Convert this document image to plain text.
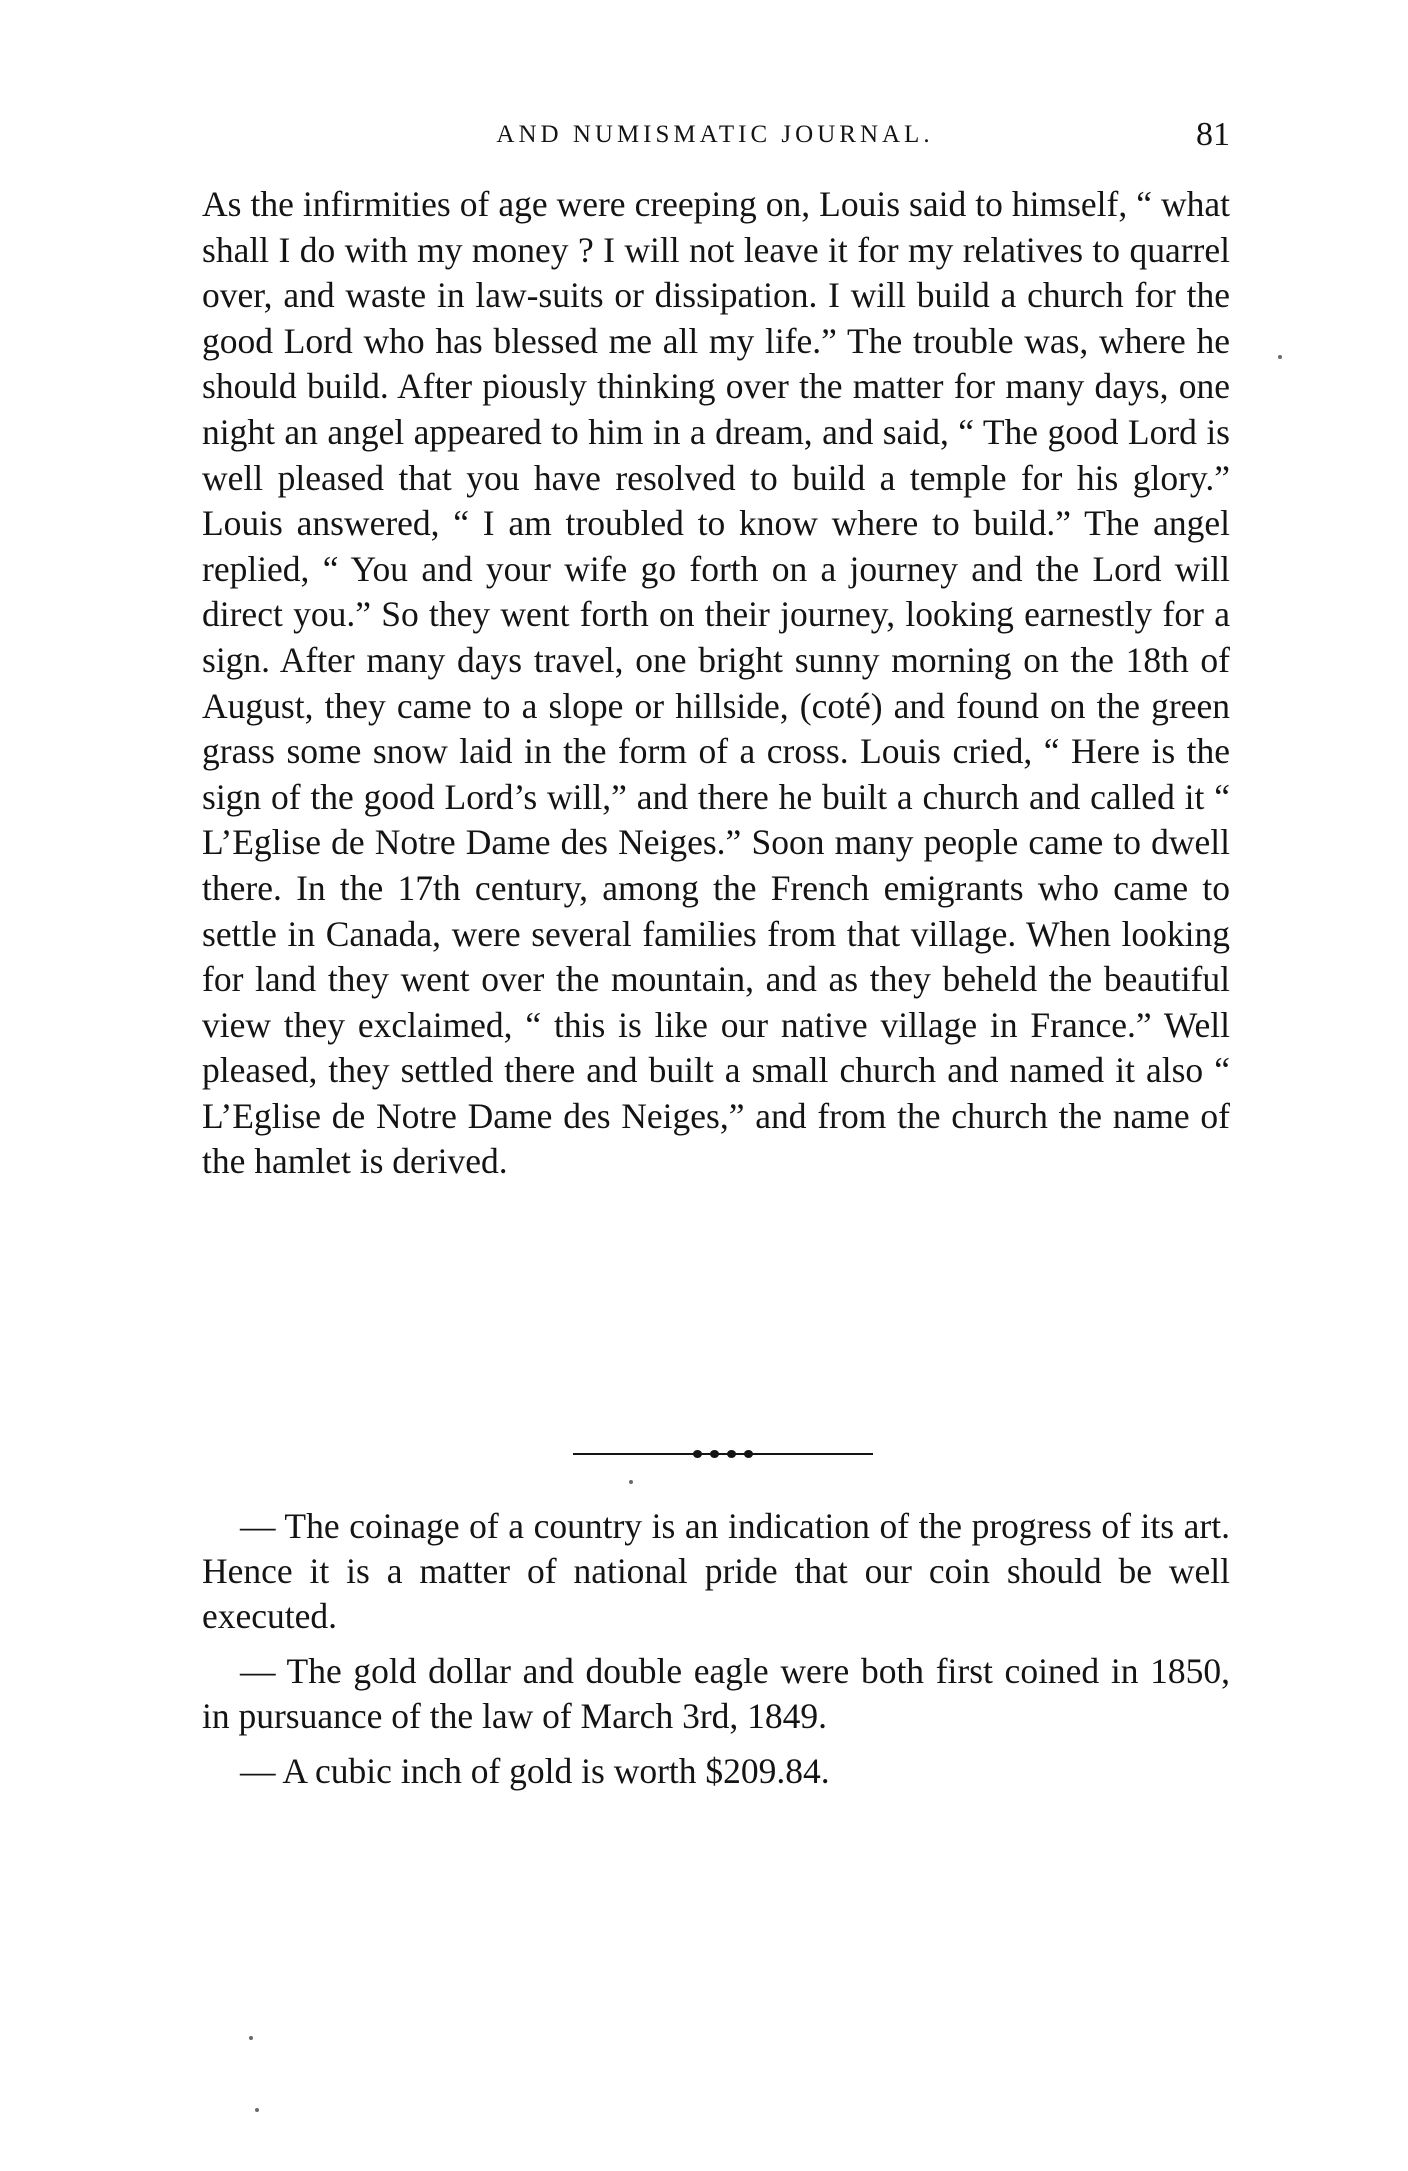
AND NUMISMATIC JOURNAL.	81

As the infirmities of age were creeping on, Louis said to himself, “ what shall I do with my money ? I will not leave it for my relatives to quarrel over, and waste in law-suits or dissipation. I will build a church for the good Lord who has blessed me all my life.” The trouble was, where he should build. After piously thinking over the matter for many days, one night an angel appeared to him in a dream, and said, “ The good Lord is well pleased that you have resolved to build a temple for his glory.” Louis answered, “ I am troubled to know where to build.” The angel replied, “ You and your wife go forth on a journey and the Lord will direct you.” So they went forth on their journey, looking earnestly for a sign. After many days travel, one bright sunny morning on the 18th of August, they came to a slope or hillside, (coté) and found on the green grass some snow laid in the form of a cross. Louis cried, “ Here is the sign of the good Lord’s will,” and there he built a church and called it “ L’Eglise de Notre Dame des Neiges.” Soon many people came to dwell there. In the 17th century, among the French emigrants who came to settle in Canada, were several families from that village. When looking for land they went over the mountain, and as they beheld the beautiful view they exclaimed, “ this is like our native village in France.” Well pleased, they settled there and built a small church and named it also “ L’Eglise de Notre Dame des Neiges,” and from the church the name of the hamlet is derived.

— The coinage of a country is an indication of the progress of its art. Hence it is a matter of national pride that our coin should be well executed.

— The gold dollar and double eagle were both first coined in 1850, in pursuance of the law of March 3rd, 1849.

— A cubic inch of gold is worth $209.84.
